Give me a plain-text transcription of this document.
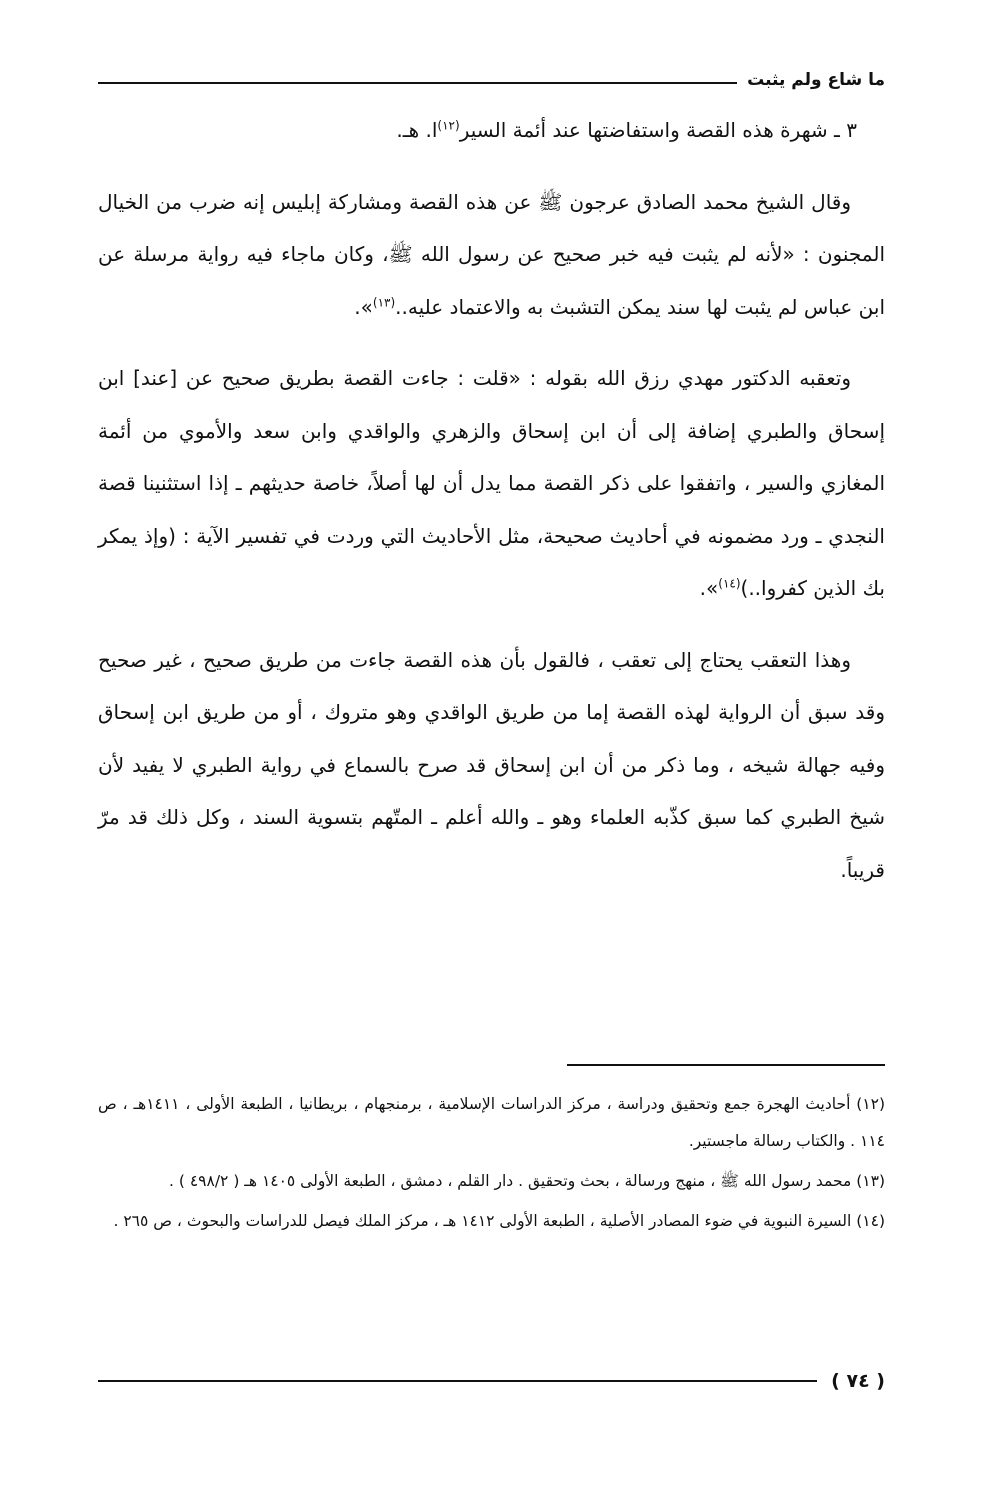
ما شاع ولم يثبت

٣ ـ شهرة هذه القصة واستفاضتها عند أئمة السير$^{(١٢)}$ا. هـ.

وقال الشيخ محمد الصادق عرجون ﷺ عن هذه القصة ومشاركة إبليس إنه ضرب من الخيال المجنون : «لأنه لم يثبت فيه خبر صحيح عن رسول الله ﷺ، وكان ماجاء فيه رواية مرسلة عن ابن عباس لم يثبت لها سند يمكن التشبث به والاعتماد عليه..$^{(١٣)}$».

وتعقبه الدكتور مهدي رزق الله بقوله : «قلت : جاءت القصة بطريق صحيح عن [عند] ابن إسحاق والطبري إضافة إلى أن ابن إسحاق والزهري والواقدي وابن سعد والأموي من أئمة المغازي والسير ، واتفقوا على ذكر القصة مما يدل أن لها أصلاً، خاصة حديثهم ـ إذا استثنينا قصة النجدي ـ ورد مضمونه في أحاديث صحيحة، مثل الأحاديث التي وردت في تفسير الآية : (وإذ يمكر بك الذين كفروا..)$^{(١٤)}$».

وهذا التعقب يحتاج إلى تعقب ، فالقول بأن هذه القصة جاءت من طريق صحيح ، غير صحيح وقد سبق أن الرواية لهذه القصة إما من طريق الواقدي وهو متروك ، أو من طريق ابن إسحاق وفيه جهالة شيخه ، وما ذكر من أن ابن إسحاق قد صرح بالسماع في رواية الطبري لا يفيد لأن شيخ الطبري كما سبق كذّبه العلماء وهو ـ والله أعلم ـ المتّهم بتسوية السند ، وكل ذلك قد مرّ قريباً.

(١٢) أحاديث الهجرة جمع وتحقيق ودراسة ، مركز الدراسات الإسلامية ، برمنجهام ، بريطانيا ، الطبعة الأولى ، ١٤١١هـ ، ص ١١٤ . والكتاب رسالة ماجستير.

(١٣) محمد رسول الله ﷺ ، منهج ورسالة ، بحث وتحقيق . دار القلم ، دمشق ، الطبعة الأولى ١٤٠٥ هـ ( ٤٩٨/٢ ) .

(١٤) السيرة النبوية في ضوء المصادر الأصلية ، الطبعة الأولى ١٤١٢ هـ ، مركز الملك فيصل للدراسات والبحوث ، ص ٢٦٥ .

( ٧٤ )
